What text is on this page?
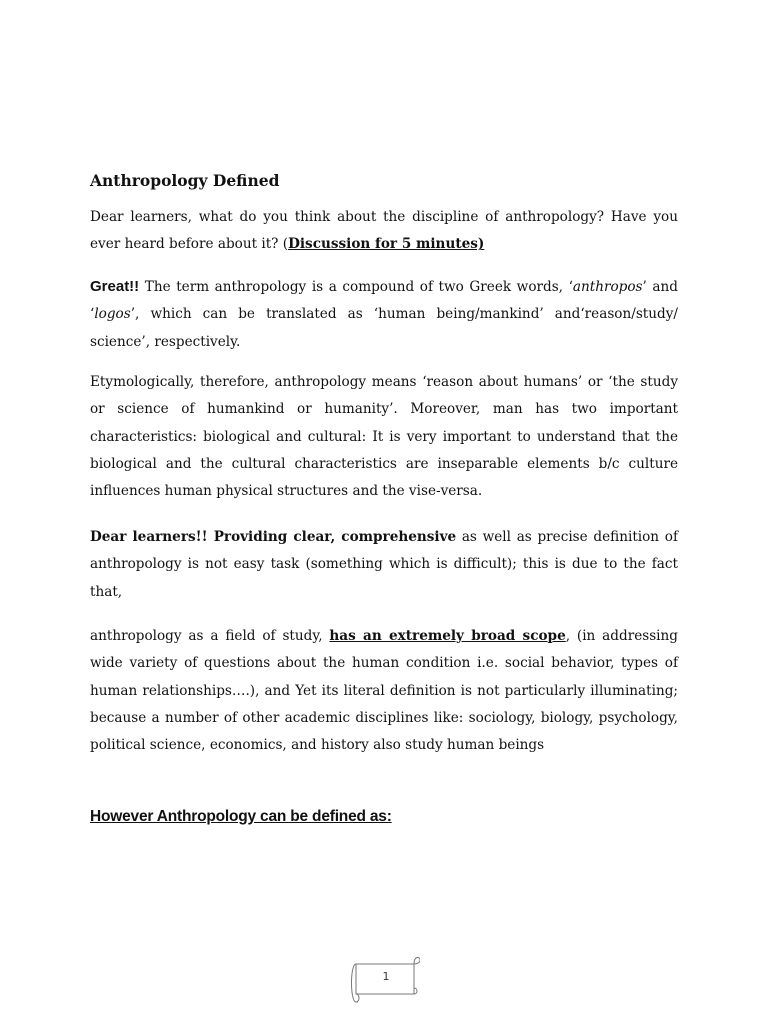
Anthropology Defined

Dear learners, what do you think about the discipline of anthropology? Have you ever heard before about it? (Discussion for 5 minutes)

Great!! The term anthropology is a compound of two Greek words, ‘anthropos’ and ‘logos’, which can be translated as ‘human being/mankind’ and‘reason/study/ science’, respectively.

Etymologically, therefore, anthropology means ‘reason about humans’ or ‘the study or science of humankind or humanity’. Moreover, man has two important characteristics: biological and cultural: It is very important to understand that the biological and the cultural characteristics are inseparable elements b/c culture influences human physical structures and the vise-versa.

Dear learners!! Providing clear, comprehensive as well as precise definition of anthropology is not easy task (something which is difficult); this is due to the fact that,

anthropology as a field of study, has an extremely broad scope, (in addressing wide variety of questions about the human condition i.e. social behavior, types of human relationships….), and Yet its literal definition is not particularly illuminating; because a number of other academic disciplines like: sociology, biology, psychology, political science, economics, and history also study human beings

However Anthropology can be defined as:
1
